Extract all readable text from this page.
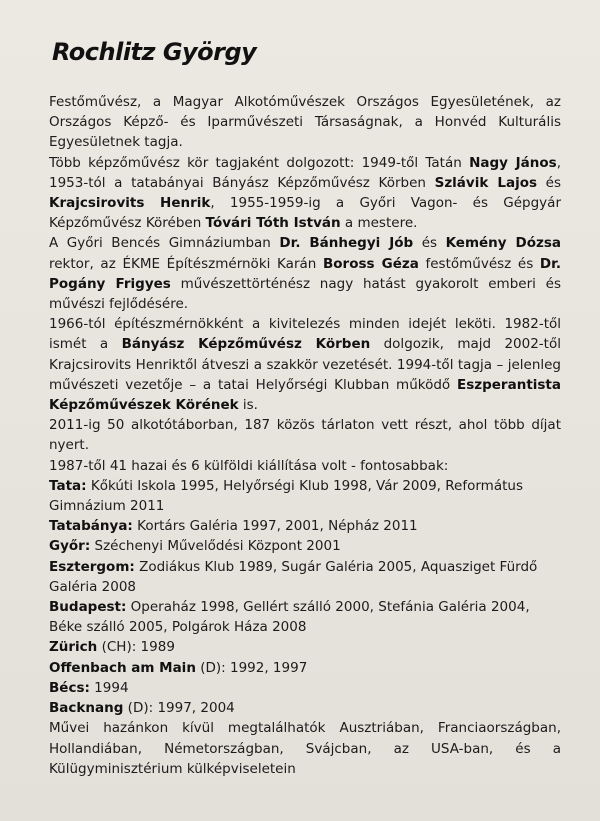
Rochlitz György

Festőművész, a Magyar Alkotóművészek Országos Egyesületének, az Országos Képző- és Iparművészeti Társaságnak, a Honvéd Kulturális Egyesületnek tagja.

Több képzőművész kör tagjaként dolgozott: 1949-től Tatán Nagy János, 1953-tól a tatabányai Bányász Képzőművész Körben Szlávik Lajos és Krajcsirovits Henrik, 1955-1959-ig a Győri Vagon- és Gépgyár Képzőművész Körében Tóvári Tóth István a mestere.

A Győri Bencés Gimnáziumban Dr. Bánhegyi Jób és Kemény Dózsa rektor, az ÉKME Építészmérnöki Karán Boross Géza festőművész és Dr. Pogány Frigyes művészettörténész nagy hatást gyakorolt emberi és művészi fejlődésére.

1966-tól építészmérnökként a kivitelezés minden idejét leköti. 1982-től ismét a Bányász Képzőművész Körben dolgozik, majd 2002-től Krajcsirovits Henriktől átveszi a szakkör vezetését. 1994-től tagja – jelenleg művészeti vezetője – a tatai Helyőrségi Klubban működő Eszperantista Képzőművészek Körének is.

2011-ig 50 alkotótáborban, 187 közös tárlaton vett részt, ahol több díjat nyert.

1987-től 41 hazai és 6 külföldi kiállítása volt - fontosabbak:

Tata: Kőkúti Iskola 1995, Helyőrségi Klub 1998, Vár 2009, Református Gimnázium 2011

Tatabánya: Kortárs Galéria 1997, 2001, Népház 2011

Győr: Széchenyi Művelődési Központ 2001

Esztergom: Zodiákus Klub 1989, Sugár Galéria 2005, Aquasziget Fürdő Galéria 2008

Budapest: Operaház 1998, Gellért szálló 2000, Stefánia Galéria 2004, Béke szálló 2005, Polgárok Háza 2008

Zürich (CH): 1989

Offenbach am Main (D): 1992, 1997

Bécs: 1994

Backnang (D): 1997, 2004

Művei hazánkon kívül megtalálhatók Ausztriában, Franciaországban, Hollandiában, Németországban, Svájcban, az USA-ban, és a Külügyminisztérium külképviseletein
